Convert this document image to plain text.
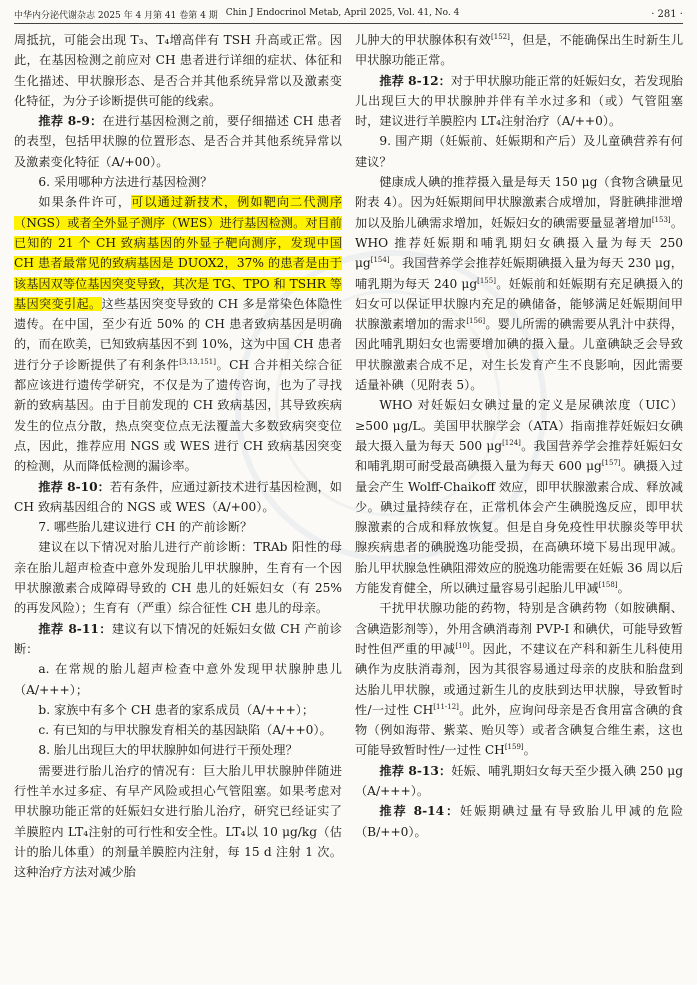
中华内分泌代谢杂志 2025 年 4 月第 41 卷第 4 期 Chin J Endocrinol Metab, April 2025, Vol. 41, No. 4	· 281 ·

周抵抗，可能会出现 T₃、T₄增高伴有 TSH 升高或正常。因此，在基因检测之前应对 CH 患者进行详细的症状、体征和生化描述、甲状腺形态、是否合并其他系统异常以及激素变化特征，为分子诊断提供可能的线索。

推荐 8-9：在进行基因检测之前，要仔细描述 CH 患者的表型，包括甲状腺的位置形态、是否合并其他系统异常以及激素变化特征（A/+00）。

6. 采用哪种方法进行基因检测？

如果条件许可，可以通过新技术，例如靶向二代测序（NGS）或者全外显子测序（WES）进行基因检测。对目前已知的 21 个 CH 致病基因的外显子靶向测序，发现中国 CH 患者最常见的致病基因是 DUOX2，37% 的患者是由于该基因双等位基因突变导致，其次是 TG、TPO 和 TSHR 等基因突变引起。这些基因突变导致的 CH 多是常染色体隐性遗传。在中国，至少有近 50% 的 CH 患者致病基因是明确的，而在欧美，已知致病基因不到 10%，这为中国 CH 患者进行分子诊断提供了有利条件[3,13,151]。CH 合并相关综合征都应该进行遗传学研究，不仅是为了遗传咨询，也为了寻找新的致病基因。由于目前发现的 CH 致病基因，其导致疾病发生的位点分散，热点突变位点无法覆盖大多数致病突变位点，因此，推荐应用 NGS 或 WES 进行 CH 致病基因突变的检测，从而降低检测的漏诊率。

推荐 8-10：若有条件，应通过新技术进行基因检测，如 CH 致病基因组合的 NGS 或 WES（A/+00）。

7. 哪些胎儿建议进行 CH 的产前诊断？

建议在以下情况对胎儿进行产前诊断：TRAb 阳性的母亲在胎儿超声检查中意外发现胎儿甲状腺肿，生育有一个因甲状腺激素合成障碍导致的 CH 患儿的妊娠妇女（有 25% 的再发风险）；生育有（严重）综合征性 CH 患儿的母亲。

推荐 8-11：建议有以下情况的妊娠妇女做 CH 产前诊断：

a. 在常规的胎儿超声检查中意外发现甲状腺肿患儿（A/+++）；

b. 家族中有多个 CH 患者的家系成员（A/+++）；

c. 有已知的与甲状腺发育相关的基因缺陷（A/++0）。

8. 胎儿出现巨大的甲状腺肿如何进行干预处理？

需要进行胎儿治疗的情况有：巨大胎儿甲状腺肿伴随进行性羊水过多症、有早产风险或担心气管阻塞。如果考虑对甲状腺功能正常的妊娠妇女进行胎儿治疗，研究已经证实了羊膜腔内 LT₄注射的可行性和安全性。LT₄以 10 μg/kg（估计的胎儿体重）的剂量羊膜腔内注射，每 15 d 注射 1 次。这种治疗方法对减少胎

儿肿大的甲状腺体积有效[152]，但是，不能确保出生时新生儿甲状腺功能正常。

推荐 8-12：对于甲状腺功能正常的妊娠妇女，若发现胎儿出现巨大的甲状腺肿并伴有羊水过多和（或）气管阻塞时，建议进行羊膜腔内 LT₄注射治疗（A/++0）。

9. 围产期（妊娠前、妊娠期和产后）及儿童碘营养有何建议？

健康成人碘的推荐摄入量是每天 150 μg（食物含碘量见附表 4）。因为妊娠期间甲状腺激素合成增加，肾脏碘排泄增加以及胎儿碘需求增加，妊娠妇女的碘需要量显著增加[153]。WHO 推荐妊娠期和哺乳期妇女碘摄入量为每天 250 μg[154]。我国营养学会推荐妊娠期碘摄入量为每天 230 μg，哺乳期为每天 240 μg[155]。妊娠前和妊娠期有充足碘摄入的妇女可以保证甲状腺内充足的碘储备，能够满足妊娠期间甲状腺激素增加的需求[156]。婴儿所需的碘需要从乳汁中获得，因此哺乳期妇女也需要增加碘的摄入量。儿童碘缺乏会导致甲状腺激素合成不足，对生长发育产生不良影响，因此需要适量补碘（见附表 5）。

WHO 对妊娠妇女碘过量的定义是尿碘浓度（UIC）≥500 μg/L。美国甲状腺学会（ATA）指南推荐妊娠妇女碘最大摄入量为每天 500 μg[124]。我国营养学会推荐妊娠妇女和哺乳期可耐受最高碘摄入量为每天 600 μg[157]。碘摄入过量会产生 Wolff-Chaikoff 效应，即甲状腺激素合成、释放减少。碘过量持续存在，正常机体会产生碘脱逸反应，即甲状腺激素的合成和释放恢复。但是自身免疫性甲状腺炎等甲状腺疾病患者的碘脱逸功能受损，在高碘环境下易出现甲减。胎儿甲状腺急性碘阻滞效应的脱逸功能需要在妊娠 36 周以后方能发育健全，所以碘过量容易引起胎儿甲减[158]。

干扰甲状腺功能的药物，特别是含碘药物（如胺碘酮、含碘造影剂等），外用含碘消毒剂 PVP-I 和碘伏，可能导致暂时性但严重的甲减[10]。因此，不建议在产科和新生儿科使用碘作为皮肤消毒剂，因为其很容易通过母亲的皮肤和胎盘到达胎儿甲状腺，或通过新生儿的皮肤到达甲状腺，导致暂时性/一过性 CH[11-12]。此外，应询问母亲是否食用富含碘的食物（例如海带、紫菜、贻贝等）或者含碘复合维生素，这也可能导致暂时性/一过性 CH[159]。

推荐 8-13：妊娠、哺乳期妇女每天至少摄入碘 250 μg（A/+++）。

推荐 8-14：妊娠期碘过量有导致胎儿甲减的危险（B/++0）。
